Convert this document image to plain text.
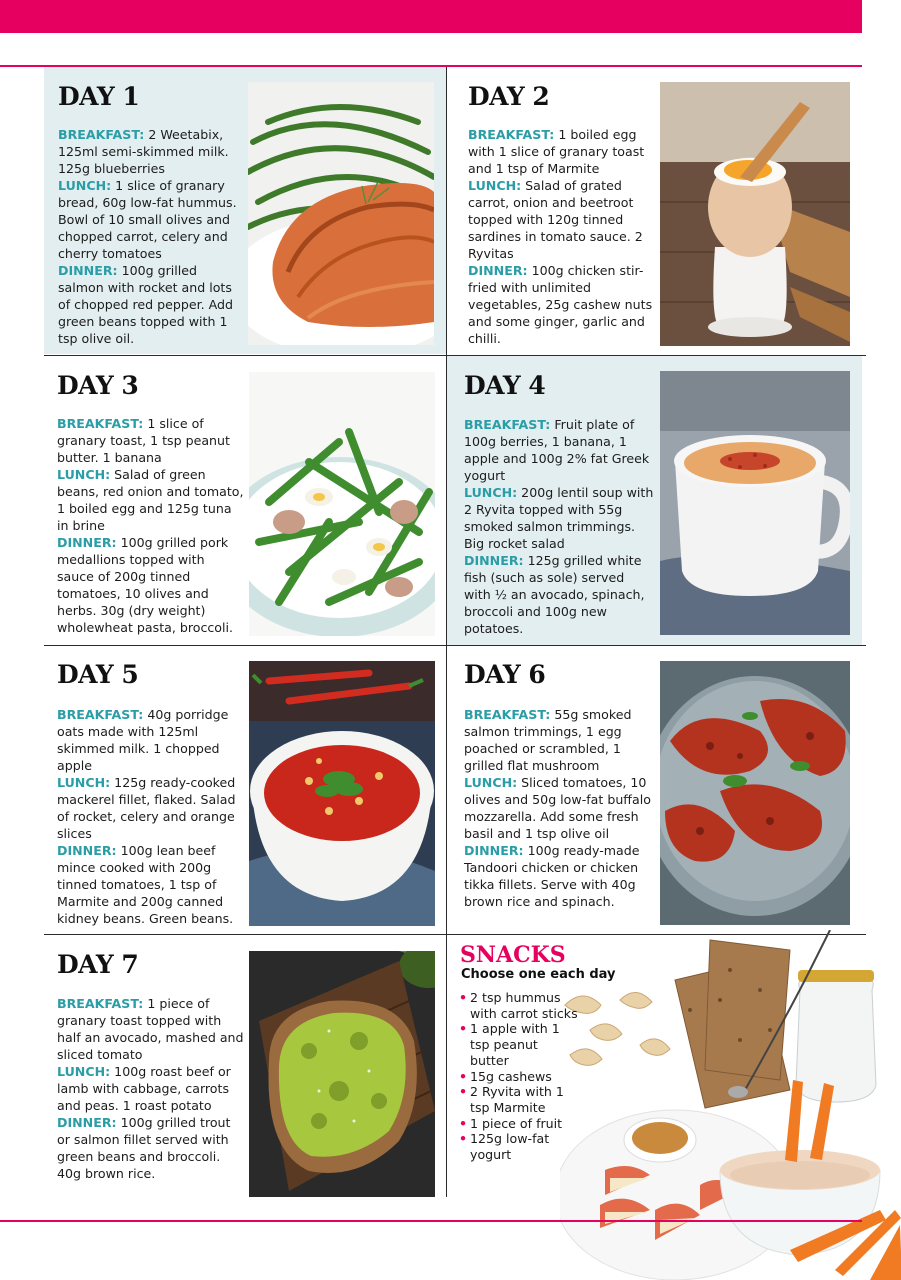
DAY 1
BREAKFAST: 2 Weetabix, 125ml semi-skimmed milk. 125g blueberries
LUNCH: 1 slice of granary bread, 60g low-fat hummus. Bowl of 10 small olives and chopped carrot, celery and cherry tomatoes
DINNER: 100g grilled salmon with rocket and lots of chopped red pepper. Add green beans topped with 1 tsp olive oil.
DAY 2
BREAKFAST: 1 boiled egg with 1 slice of granary toast and 1 tsp of Marmite
LUNCH: Salad of grated carrot, onion and beetroot topped with 120g tinned sardines in tomato sauce. 2 Ryvitas
DINNER: 100g chicken stir-fried with unlimited vegetables, 25g cashew nuts and some ginger, garlic and chilli.
DAY 3
BREAKFAST: 1 slice of granary toast, 1 tsp peanut butter. 1 banana
LUNCH: Salad of green beans, red onion and tomato, 1 boiled egg and 125g tuna in brine
DINNER: 100g grilled pork medallions topped with sauce of 200g tinned tomatoes, 10 olives and herbs. 30g (dry weight) wholewheat pasta, broccoli.
DAY 4
BREAKFAST: Fruit plate of 100g berries, 1 banana, 1 apple and 100g 2% fat Greek yogurt
LUNCH: 200g lentil soup with 2 Ryvita topped with 55g smoked salmon trimmings. Big rocket salad
DINNER: 125g grilled white fish (such as sole) served with ½ an avocado, spinach, broccoli and 100g new potatoes.
DAY 5
BREAKFAST: 40g porridge oats made with 125ml skimmed milk. 1 chopped apple
LUNCH: 125g ready-cooked mackerel fillet, flaked. Salad of rocket, celery and orange slices
DINNER: 100g lean beef mince cooked with 200g tinned tomatoes, 1 tsp of Marmite and 200g canned kidney beans. Green beans.
DAY 6
BREAKFAST: 55g smoked salmon trimmings, 1 egg poached or scrambled, 1 grilled flat mushroom
LUNCH: Sliced tomatoes, 10 olives and 50g low-fat buffalo mozzarella. Add some fresh basil and 1 tsp olive oil
DINNER: 100g ready-made Tandoori chicken or chicken tikka fillets. Serve with 40g brown rice and spinach.
DAY 7
BREAKFAST: 1 piece of granary toast topped with half an avocado, mashed and sliced tomato
LUNCH: 100g roast beef or lamb with cabbage, carrots and peas. 1 roast potato
DINNER: 100g grilled trout or salmon fillet served with green beans and broccoli. 40g brown rice.
SNACKS
Choose one each day
• 2 tsp hummus with carrot sticks
• 1 apple with 1 tsp peanut butter
• 15g cashews
• 2 Ryvita with 1 tsp Marmite
• 1 piece of fruit
• 125g low-fat yogurt
